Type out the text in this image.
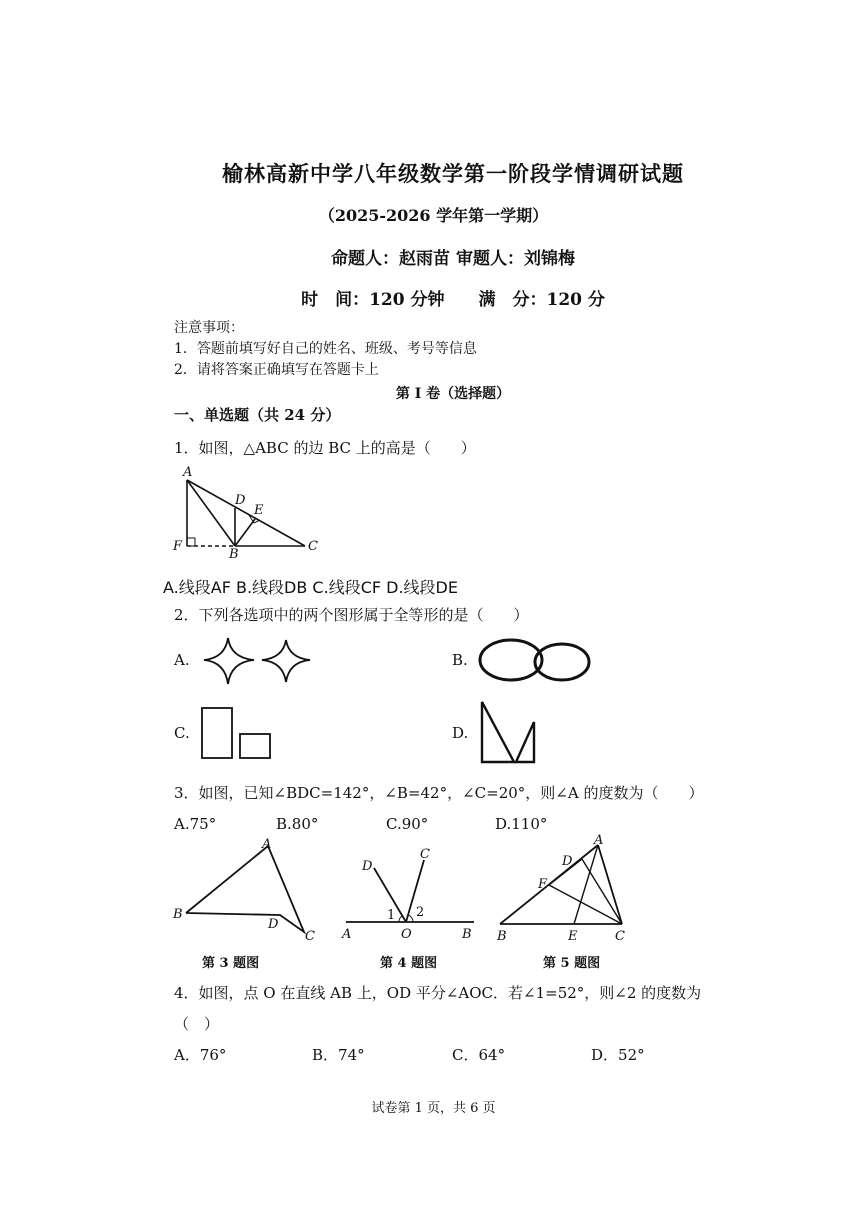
榆林高新中学八年级数学第一阶段学情调研试题
（2025-2026 学年第一学期）
命题人：赵雨苗 审题人：刘锦梅
时　间：120 分钟 满　分：120 分
注意事项：
1．答题前填写好自己的姓名、班级、考号等信息
2．请将答案正确填写在答题卡上
第 I 卷（选择题）
一、单选题（共 24 分）
1．如图，△ABC 的边 BC 上的高是（　　）
A
D
E
F
B
C
A.线段AF B.线段DB C.线段CF D.线段DE
2．下列各选项中的两个图形属于全等形的是（　　）
A.	B.
C.	D.
3．如图，已知∠BDC=142°，∠B=42°，∠C=20°，则∠A 的度数为（　　）
A.75°	B.80°	C.90°	D.110°
A
B
D
C
第 3 题图
D
C
1 2
A	O	B
第 4 题图
A
D
F
B	E	C
第 5 题图
4．如图，点 O 在直线 AB 上，OD 平分∠AOC．若∠1=52°，则∠2 的度数为
（　）
A．76°	B．74°	C．64°	D．52°
试卷第 1 页，共 6 页
